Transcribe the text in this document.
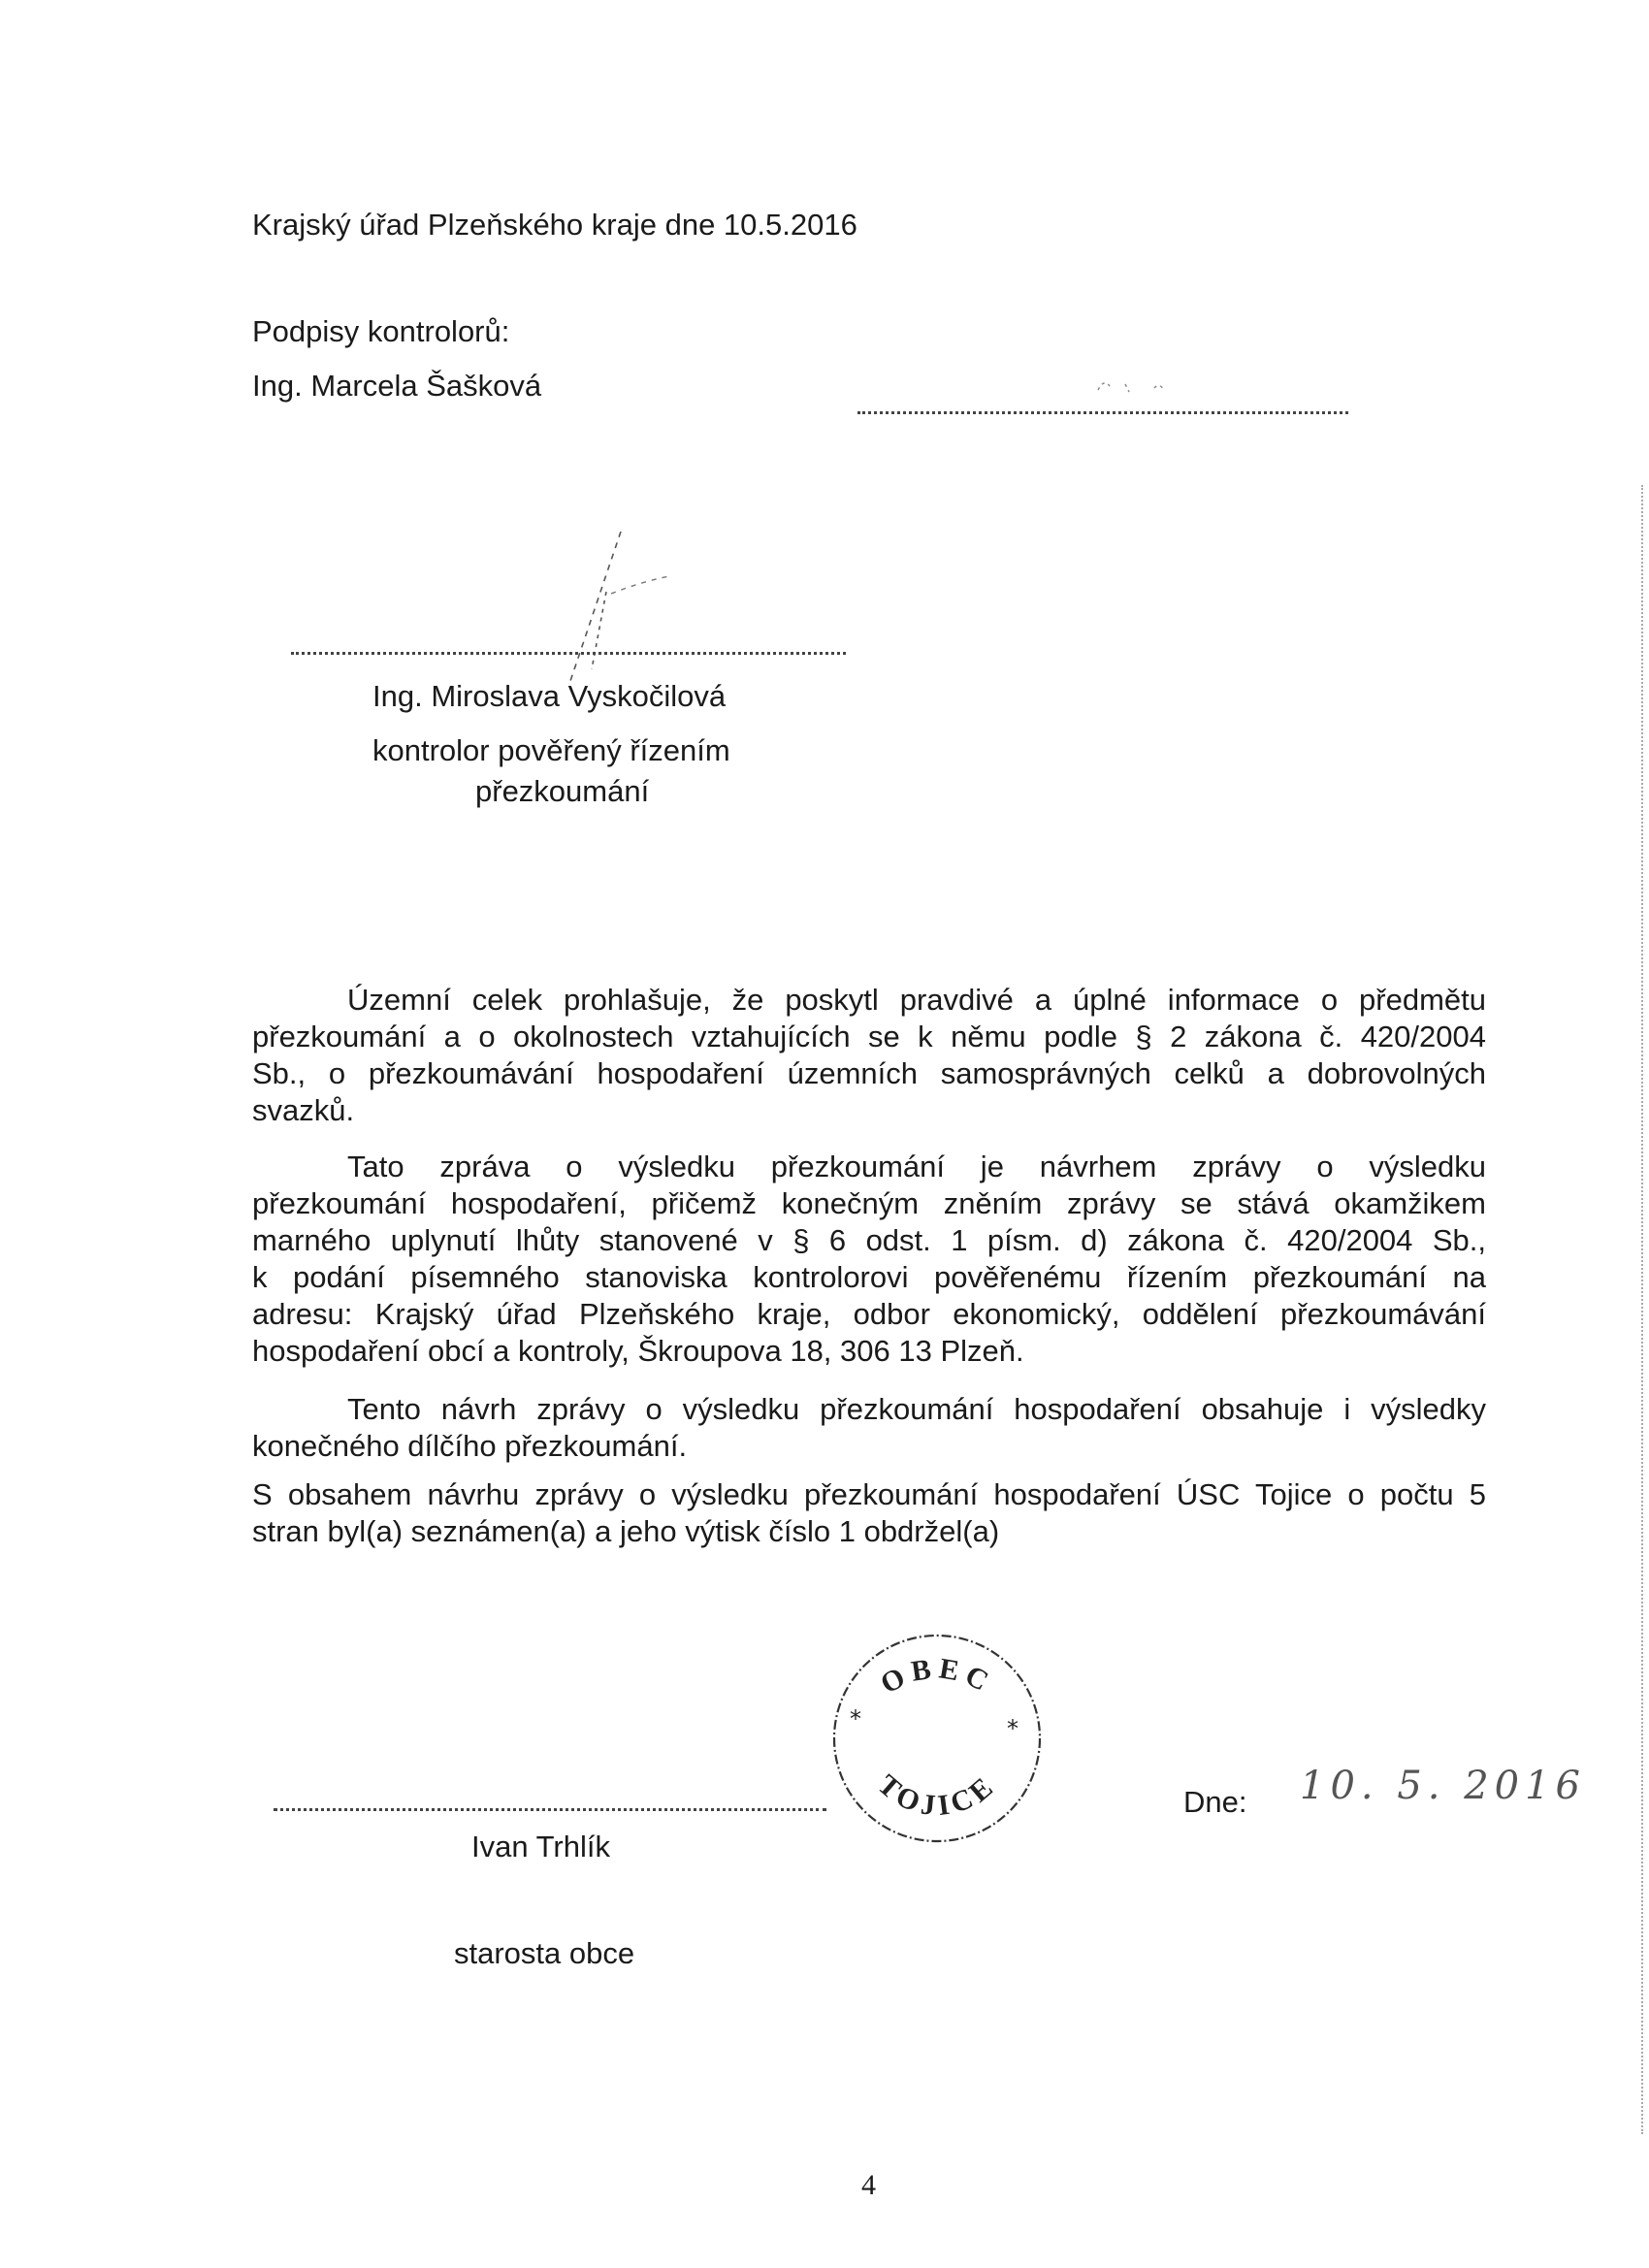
Krajský úřad Plzeňského kraje dne 10.5.2016
Podpisy kontrolorů:
Ing. Marcela Šašková
Ing. Miroslava Vyskočilová
kontrolor pověřený řízením
přezkoumání
Územní celek prohlašuje, že poskytl pravdivé a úplné informace o předmětu
přezkoumání a o okolnostech vztahujících se k němu podle § 2 zákona č. 420/2004
Sb., o přezkoumávání hospodaření územních samosprávných celků a dobrovolných
svazků.
Tato zpráva o výsledku přezkoumání je návrhem zprávy o výsledku
přezkoumání hospodaření, přičemž konečným zněním zprávy se stává okamžikem
marného uplynutí lhůty stanovené v § 6 odst. 1 písm. d) zákona č. 420/2004 Sb.,
k podání písemného stanoviska kontrolorovi pověřenému řízením přezkoumání na
adresu: Krajský úřad Plzeňského kraje, odbor ekonomický, oddělení přezkoumávání
hospodaření obcí a kontroly, Škroupova 18, 306 13 Plzeň.
Tento návrh zprávy o výsledku přezkoumání hospodaření obsahuje i výsledky
konečného dílčího přezkoumání.
S obsahem návrhu zprávy o výsledku přezkoumání hospodaření ÚSC Tojice o počtu 5
stran byl(a) seznámen(a) a jeho výtisk číslo 1 obdržel(a)
Ivan Trhlík
starosta obce
OBEC
TOJICE
*	*
Dne: 10. 5. 2016
4
